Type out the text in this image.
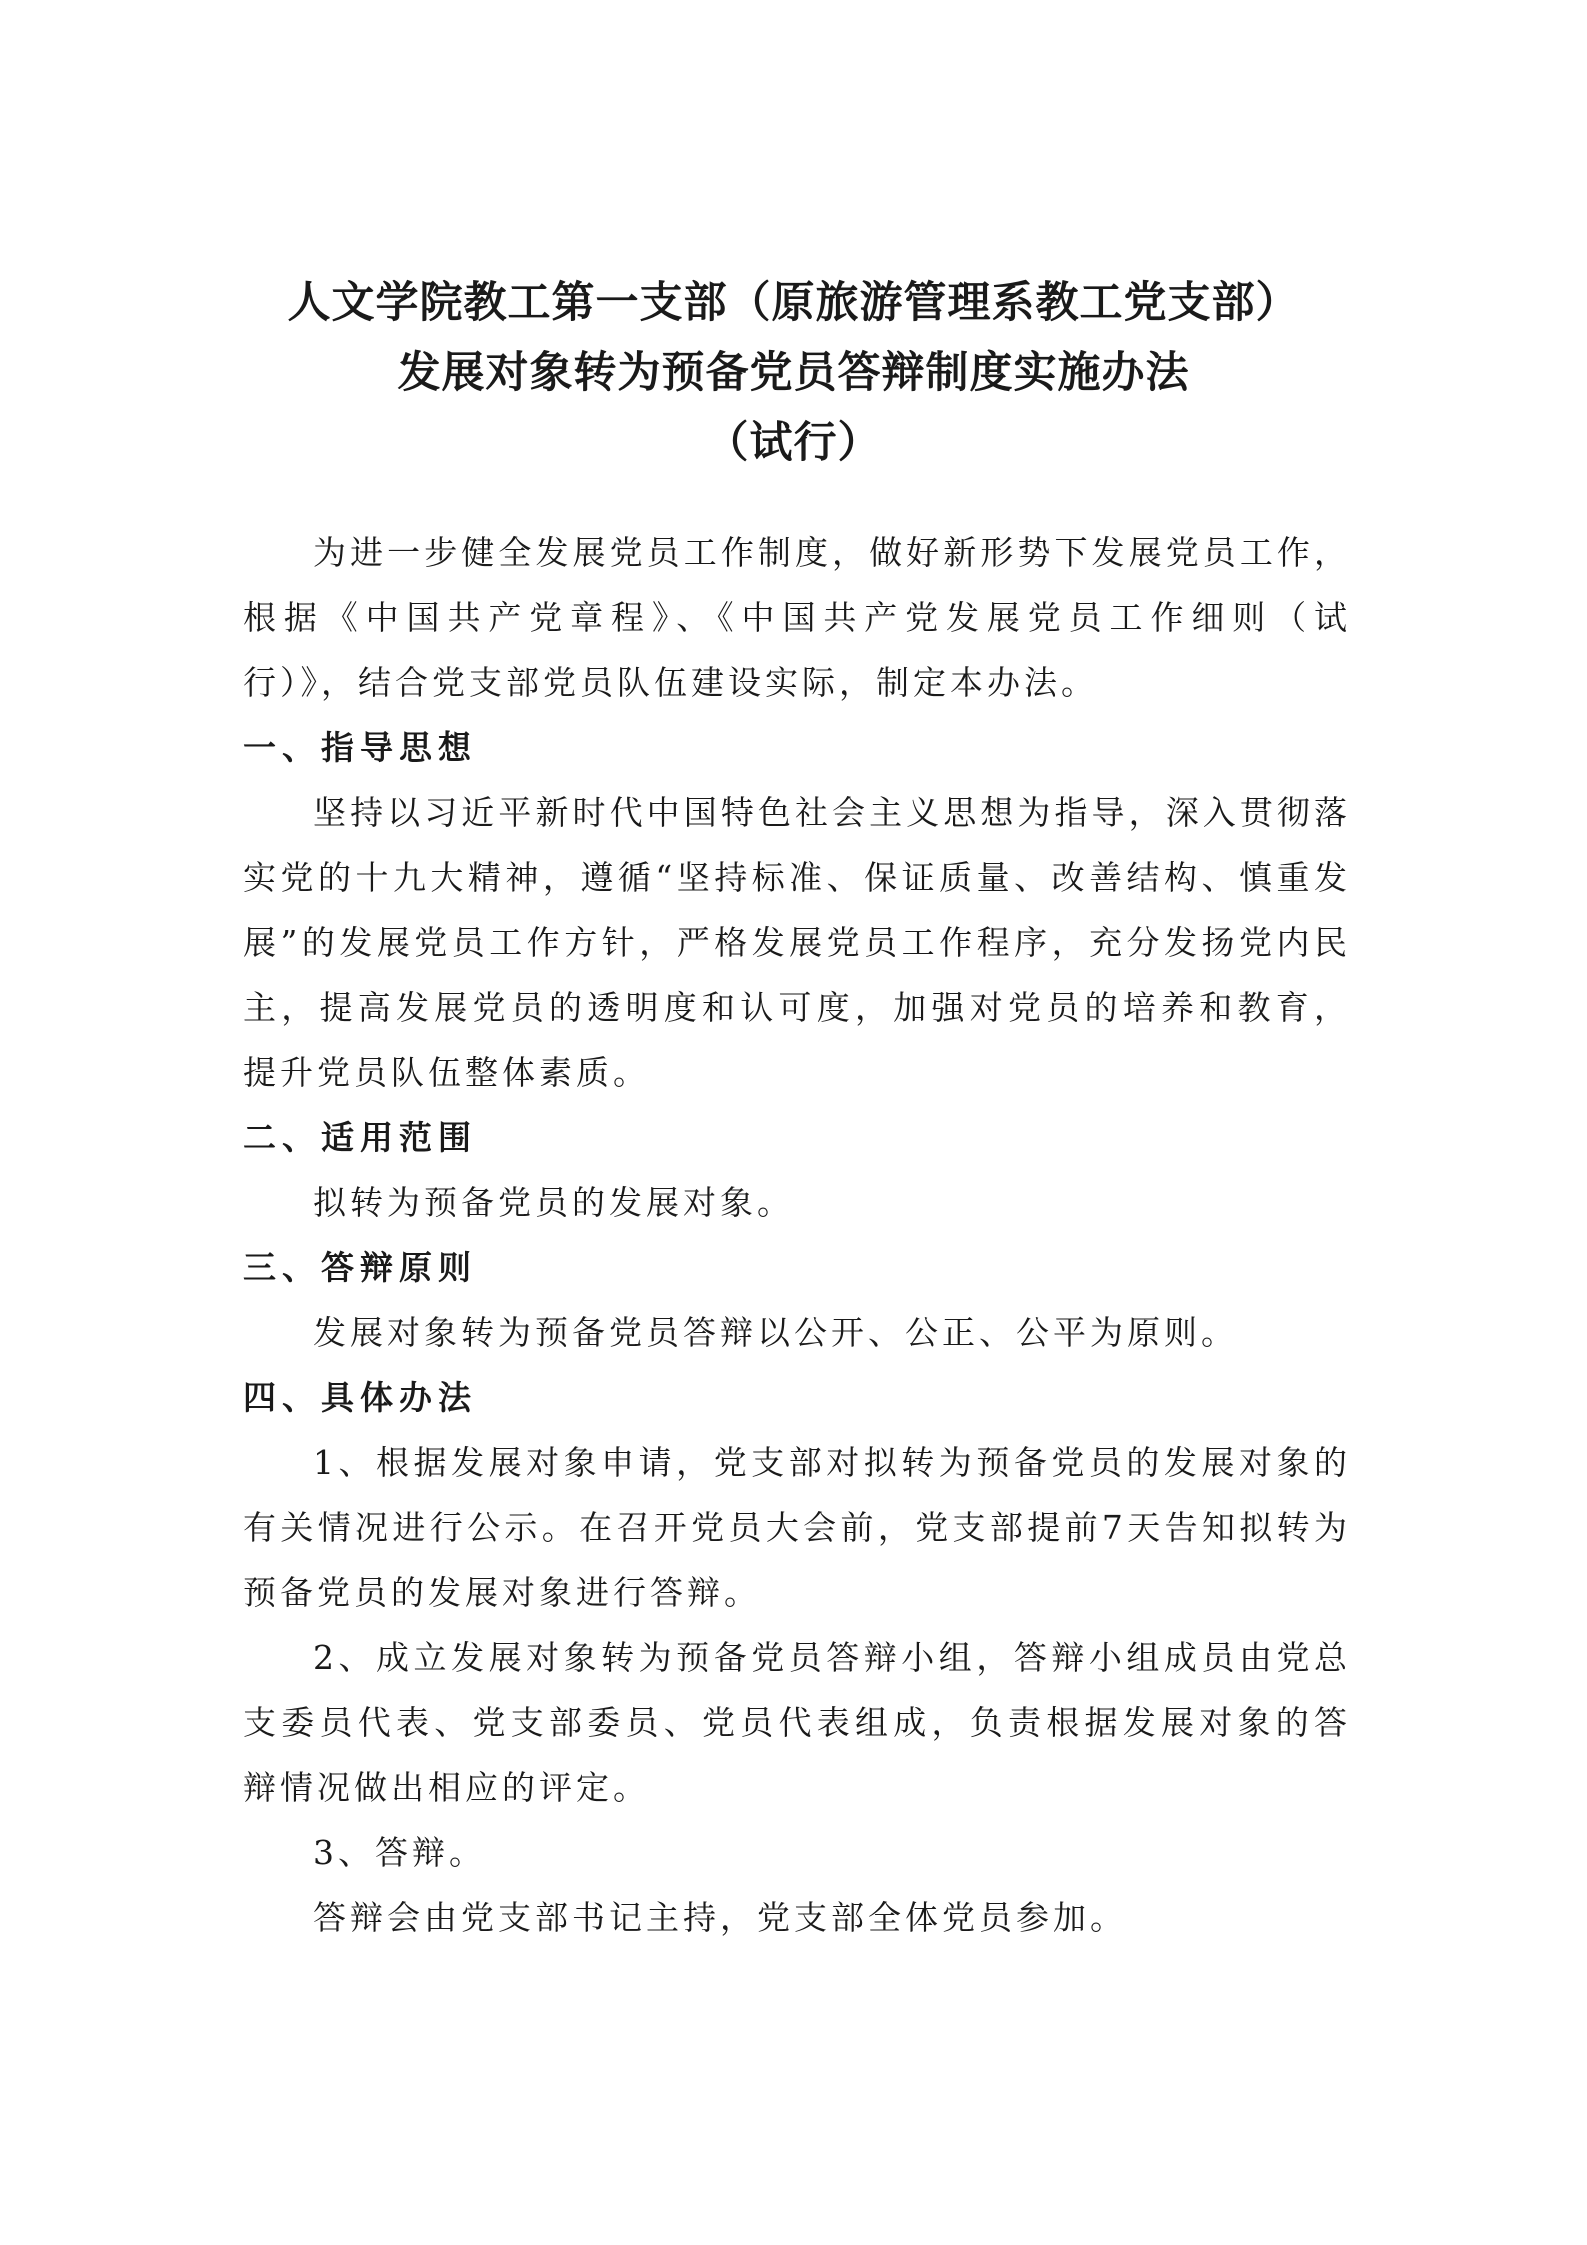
人文学院教工第一支部（原旅游管理系教工党支部）
发展对象转为预备党员答辩制度实施办法
（试行）

为进一步健全发展党员工作制度，做好新形势下发展党员工作，根据《中国共产党章程》、《中国共产党发展党员工作细则（试行）》，结合党支部党员队伍建设实际，制定本办法。

一、指导思想

坚持以习近平新时代中国特色社会主义思想为指导，深入贯彻落实党的十九大精神，遵循“坚持标准、保证质量、改善结构、慎重发展”的发展党员工作方针，严格发展党员工作程序，充分发扬党内民主，提高发展党员的透明度和认可度，加强对党员的培养和教育，提升党员队伍整体素质。

二、适用范围

拟转为预备党员的发展对象。

三、答辩原则

发展对象转为预备党员答辩以公开、公正、公平为原则。

四、具体办法

1、根据发展对象申请，党支部对拟转为预备党员的发展对象的有关情况进行公示。在召开党员大会前，党支部提前7天告知拟转为预备党员的发展对象进行答辩。

2、成立发展对象转为预备党员答辩小组，答辩小组成员由党总支委员代表、党支部委员、党员代表组成，负责根据发展对象的答辩情况做出相应的评定。

3、答辩。

答辩会由党支部书记主持，党支部全体党员参加。
